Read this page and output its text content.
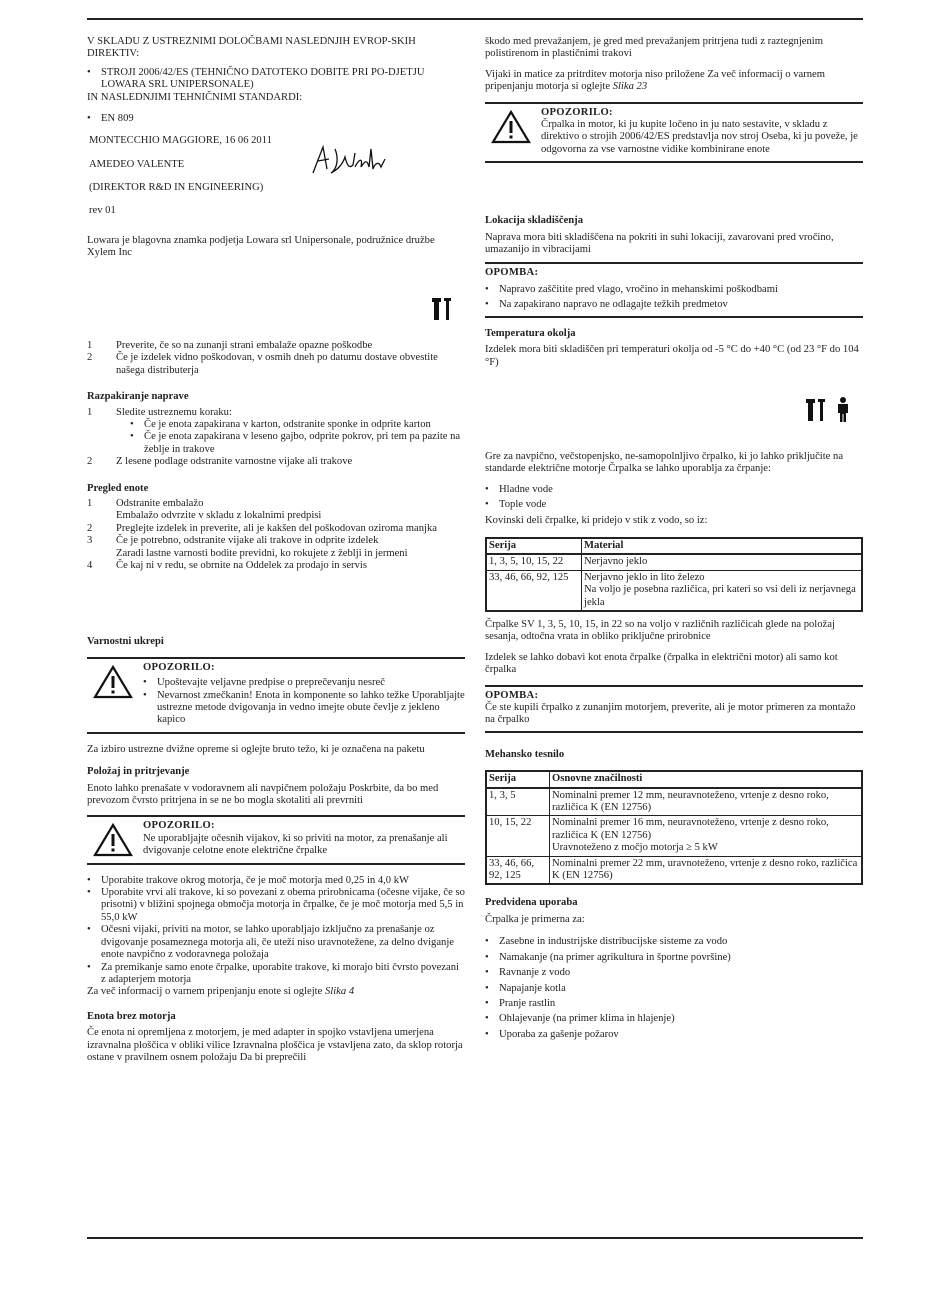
V SKLADU Z USTREZNIMI DOLOČBAMI NASLEDNJIH EVROP-SKIH DIREKTIV:

• STROJI 2006/42/ES (TEHNIČNO DATOTEKO DOBITE PRI PO-DJETJU LOWARA SRL UNIPERSONALE)

IN NASLEDNJIMI TEHNIČNIMI STANDARDI:

• EN 809

MONTECCHIO MAGGIORE, 16 06 2011

AMEDEO VALENTE

(DIREKTOR R&D IN ENGINEERING)

rev 01

Lowara je blagovna znamka podjetja Lowara srl Unipersonale, podružnice družbe Xylem Inc

1 Preverite, če so na zunanji strani embalaže opazne poškodbe
2 Če je izdelek vidno poškodovan, v osmih dneh po datumu dostave obvestite našega distributerja

Razpakiranje naprave

1 Sledite ustreznemu koraku:
• Če je enota zapakirana v karton, odstranite sponke in odprite karton
• Če je enota zapakirana v leseno gajbo, odprite pokrov, pri tem pa pazite na žeblje in trakove
2 Z lesene podlage odstranite varnostne vijake ali trakove

Pregled enote

1 Odstranite embalažo
Embalažo odvrzite v skladu z lokalnimi predpisi
2 Preglejte izdelek in preverite, ali je kakšen del poškodovan oziroma manjka
3 Če je potrebno, odstranite vijake ali trakove in odprite izdelek
Zaradi lastne varnosti bodite previdni, ko rokujete z žeblji in jermeni
4 Če kaj ni v redu, se obrnite na Oddelek za prodajo in servis

Varnostni ukrepi

OPOZORILO:

• Upoštevajte veljavne predpise o preprečevanju nesreč
• Nevarnost zmečkanin! Enota in komponente so lahko težke Uporabljajte ustrezne metode dvigovanja in vedno imejte obute čevlje z jekleno kapico

Za izbiro ustrezne dvižne opreme si oglejte bruto težo, ki je označena na paketu

Položaj in pritrjevanje

Enoto lahko prenašate v vodoravnem ali navpičnem položaju Poskrbite, da bo med prevozom čvrsto pritrjena in se ne bo mogla skotaliti ali prevrniti

OPOZORILO:

Ne uporabljajte očesnih vijakov, ki so priviti na motor, za prenašanje ali dvigovanje celotne enote električne črpalke

• Uporabite trakove okrog motorja, če je moč motorja med 0,25 in 4,0 kW
• Uporabite vrvi ali trakove, ki so povezani z obema prirobnicama (očesne vijake, če so prisotni) v bližini spojnega območja motorja in črpalke, če je moč motorja med 5,5 in 55,0 kW
• Očesni vijaki, priviti na motor, se lahko uporabljajo izključno za prenašanje oz dvigovanje posameznega motorja ali, če uteži niso uravnotežene, za delno dviganje enote navpično z vodoravnega položaja
• Za premikanje samo enote črpalke, uporabite trakove, ki morajo biti čvrsto povezani z adapterjem motorja

Za več informacij o varnem pripenjanju enote si oglejte Slika 4

Enota brez motorja

Če enota ni opremljena z motorjem, je med adapter in spojko vstavljena umerjena izravnalna ploščica v obliki vilice Izravnalna ploščica je vstavljena zato, da sklop rotorja ostane v pravilnem osnem položaju Da bi preprečili

škodo med prevažanjem, je gred med prevažanjem pritrjena tudi z raztegnjenim polistirenom in plastičnimi trakovi

Vijaki in matice za pritrditev motorja niso priložene Za več informacij o varnem pripenjanju motorja si oglejte Slika 23

OPOZORILO:

Črpalka in motor, ki ju kupite ločeno in ju nato sestavite, v skladu z direktivo o strojih 2006/42/ES predstavlja nov stroj Oseba, ki ju poveže, je odgovorna za vse varnostne vidike kombinirane enote

Lokacija skladiščenja

Naprava mora biti skladiščena na pokriti in suhi lokaciji, zavarovani pred vročino, umazanijo in vibracijami

OPOMBA:

• Napravo zaščitite pred vlago, vročino in mehanskimi poškodbami
• Na zapakirano napravo ne odlagajte težkih predmetov

Temperatura okolja

Izdelek mora biti skladiščen pri temperaturi okolja od -5 °C do +40 °C (od 23 °F do 104 °F)

Gre za navpično, večstopenjsko, ne-samopolnljivo črpalko, ki jo lahko priključite na standarde električne motorje Črpalka se lahko uporablja za črpanje:

• Hladne vode
• Tople vode

Kovinski deli črpalke, ki pridejo v stik z vodo, so iz:

Serija	Material
1, 3, 5, 10, 15, 22	Nerjavno jeklo
33, 46, 66, 92, 125	Nerjavno jeklo in lito železo
Na voljo je posebna različica, pri kateri so vsi deli iz nerjavnega jekla

Črpalke SV 1, 3, 5, 10, 15, in 22 so na voljo v različnih različicah glede na položaj sesanja, odtočna vrata in obliko priključne prirobnice

Izdelek se lahko dobavi kot enota črpalke (črpalka in električni motor) ali samo kot črpalka

OPOMBA:

Če ste kupili črpalko z zunanjim motorjem, preverite, ali je motor primeren za montažo na črpalko

Mehansko tesnilo

Serija	Osnovne značilnosti
1, 3, 5	Nominalni premer 12 mm, neuravnoteženo, vrtenje z desno roko, različica K (EN 12756)
10, 15, 22	Nominalni premer 16 mm, neuravnoteženo, vrtenje z desno roko, različica K (EN 12756)
Uravnoteženo z močjo motorja ≥ 5 kW
33, 46, 66, 92, 125	Nominalni premer 22 mm, uravnoteženo, vrtenje z desno roko, različica K (EN 12756)

Predvidena uporaba

Črpalka je primerna za:

• Zasebne in industrijske distribucijske sisteme za vodo
• Namakanje (na primer agrikultura in športne površine)
• Ravnanje z vodo
• Napajanje kotla
• Pranje rastlin
• Ohlajevanje (na primer klima in hlajenje)
• Uporaba za gašenje požarov
